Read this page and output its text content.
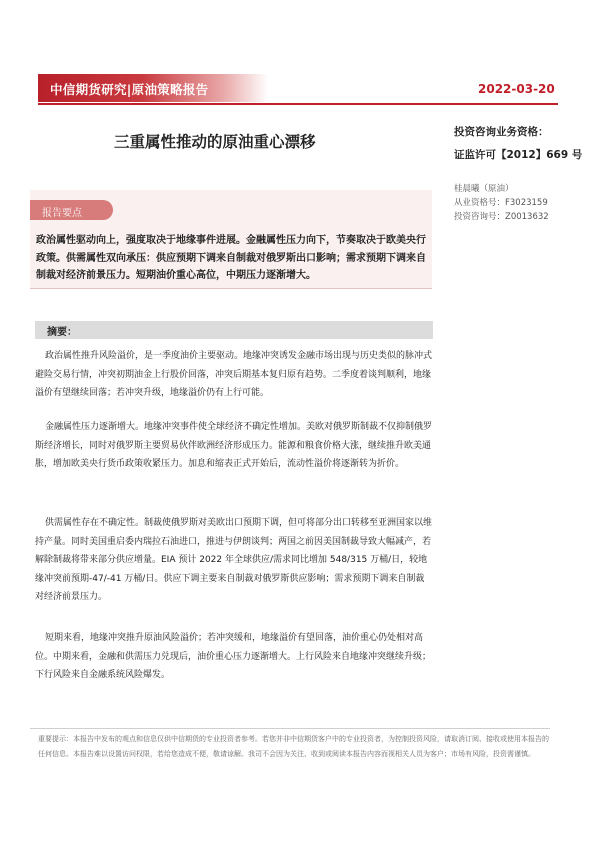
中信期货研究|原油策略报告	2022-03-20
三重属性推动的原油重心漂移
投资咨询业务资格：
证监许可【2012】669 号
桂晨曦（原油）
从业资格号：F3023159
投资咨询号：Z0013632
报告要点
政治属性驱动向上，强度取决于地缘事件进展。金融属性压力向下，节奏取决于欧美央行政策。供需属性双向承压：供应预期下调来自制裁对俄罗斯出口影响；需求预期下调来自制裁对经济前景压力。短期油价重心高位，中期压力逐渐增大。
摘要：

政治属性推升风险溢价，是一季度油价主要驱动。地缘冲突诱发金融市场出现与历史类似的脉冲式避险交易行情，冲突初期油金上行股价回落，冲突后期基本复归原有趋势。二季度着谈判顺利，地缘溢价有望继续回落；若冲突升级，地缘溢价仍有上行可能。

金融属性压力逐渐增大。地缘冲突事件使全球经济不确定性增加。美欧对俄罗斯制裁不仅抑制俄罗斯经济增长，同时对俄罗斯主要贸易伙伴欧洲经济形成压力。能源和粮食价格大涨，继续推升欧美通胀，增加欧美央行货币政策收紧压力。加息和缩表正式开始后，流动性溢价将逐渐转为折价。

供需属性存在不确定性。制裁使俄罗斯对美欧出口预期下调，但可将部分出口转移至亚洲国家以维持产量。同时美国重启委内瑞拉石油进口，推进与伊朗谈判；两国之前因美国制裁导致大幅减产，若解除制裁将带来部分供应增量。EIA 预计 2022 年全球供应/需求同比增加 548/315 万桶/日，较地缘冲突前预期-47/-41 万桶/日。供应下调主要来自制裁对俄罗斯供应影响；需求预期下调来自制裁对经济前景压力。

短期来看，地缘冲突推升原油风险溢价；若冲突缓和，地缘溢价有望回落，油价重心仍处相对高位。中期来看，金融和供需压力兑现后，油价重心压力逐渐增大。上行风险来自地缘冲突继续升级；下行风险来自金融系统风险爆发。

重要提示：本报告中发布的观点和信息仅供中信期货的专业投资者参考。若您并非中信期货客户中的专业投资者，为控制投资风险，请取消订阅、接收或使用本报告的任何信息。本报告难以设置访问权限，若给您造成不便，敬请谅解。我司不会因为关注、收到或阅读本报告内容而视相关人员为客户；市场有风险，投资需谨慎。
